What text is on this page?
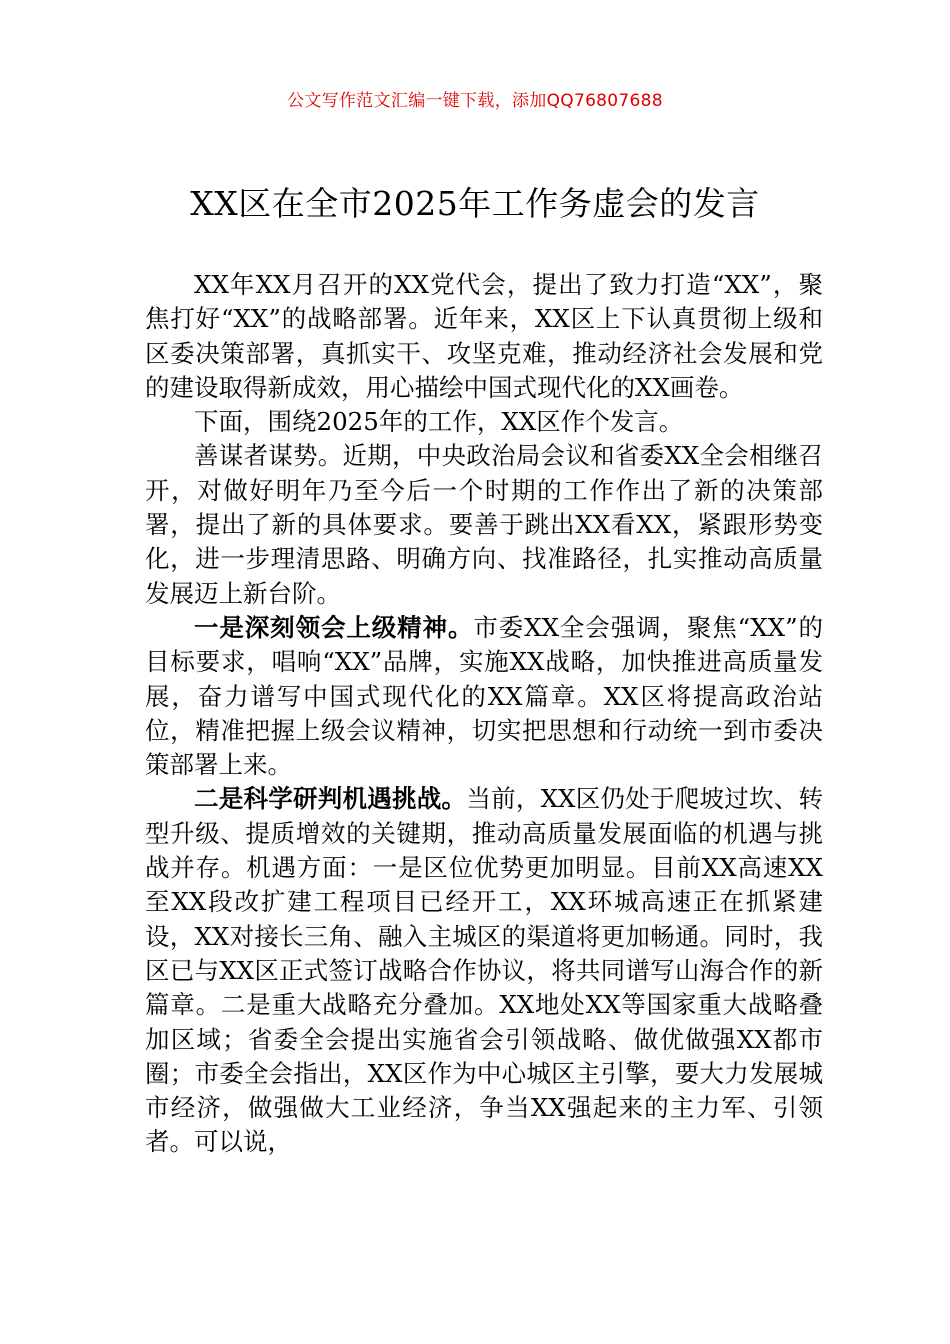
公文写作范文汇编一键下载，添加QQ76807688
XX区在全市2025年工作务虚会的发言

XX年XX月召开的XX党代会，提出了致力打造“XX”，聚焦打好“XX”的战略部署。近年来，XX区上下认真贯彻上级和区委决策部署，真抓实干、攻坚克难，推动经济社会发展和党的建设取得新成效，用心描绘中国式现代化的XX画卷。

下面，围绕2025年的工作，XX区作个发言。

善谋者谋势。近期，中央政治局会议和省委XX全会相继召开，对做好明年乃至今后一个时期的工作作出了新的决策部署，提出了新的具体要求。要善于跳出XX看XX，紧跟形势变化，进一步理清思路、明确方向、找准路径，扎实推动高质量发展迈上新台阶。

一是深刻领会上级精神。市委XX全会强调，聚焦“XX”的目标要求，唱响“XX”品牌，实施XX战略，加快推进高质量发展，奋力谱写中国式现代化的XX篇章。XX区将提高政治站位，精准把握上级会议精神，切实把思想和行动统一到市委决策部署上来。

二是科学研判机遇挑战。当前，XX区仍处于爬坡过坎、转型升级、提质增效的关键期，推动高质量发展面临的机遇与挑战并存。机遇方面：一是区位优势更加明显。目前XX高速XX至XX段改扩建工程项目已经开工，XX环城高速正在抓紧建设，XX对接长三角、融入主城区的渠道将更加畅通。同时，我区已与XX区正式签订战略合作协议，将共同谱写山海合作的新篇章。二是重大战略充分叠加。XX地处XX等国家重大战略叠加区域；省委全会提出实施省会引领战略、做优做强XX都市圈；市委全会指出，XX区作为中心城区主引擎，要大力发展城市经济，做强做大工业经济，争当XX强起来的主力军、引领者。可以说，
